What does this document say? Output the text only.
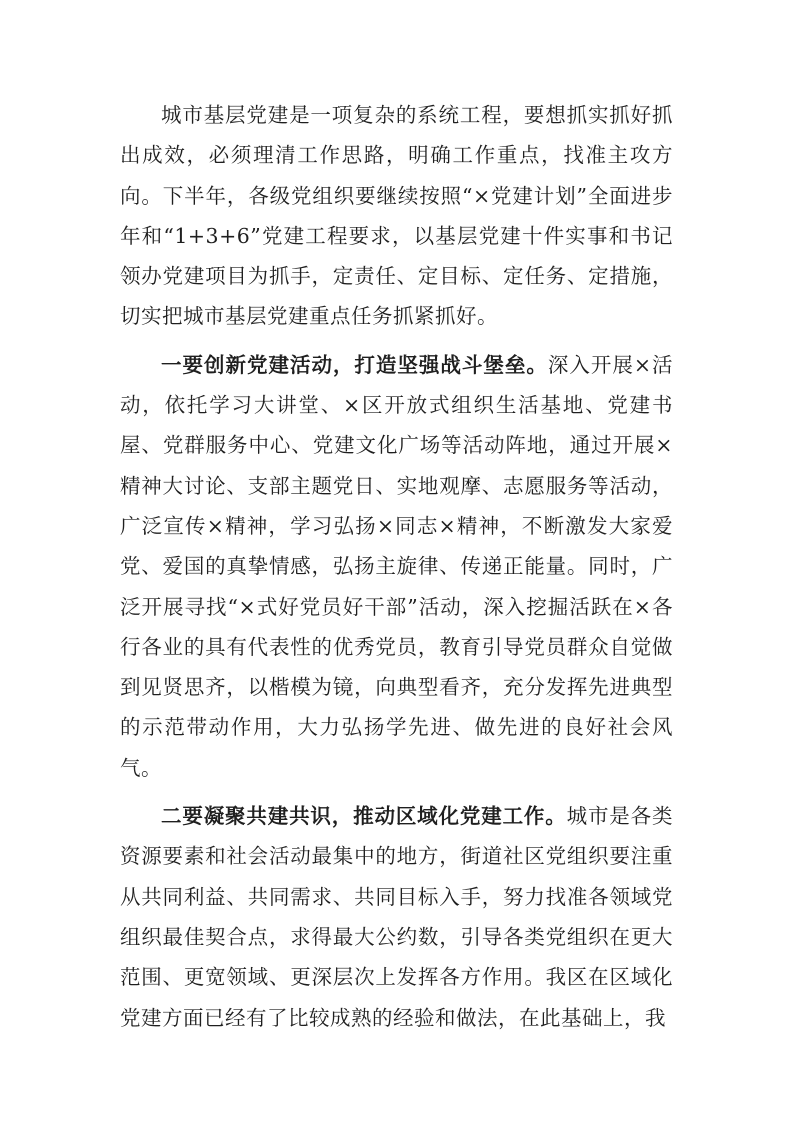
城市基层党建是一项复杂的系统工程，要想抓实抓好抓出成效，必须理清工作思路，明确工作重点，找准主攻方向。下半年，各级党组织要继续按照“×党建计划”全面进步年和“1+3+6”党建工程要求，以基层党建十件实事和书记领办党建项目为抓手，定责任、定目标、定任务、定措施，切实把城市基层党建重点任务抓紧抓好。

一要创新党建活动，打造坚强战斗堡垒。深入开展×活动，依托学习大讲堂、×区开放式组织生活基地、党建书屋、党群服务中心、党建文化广场等活动阵地，通过开展×精神大讨论、支部主题党日、实地观摩、志愿服务等活动，广泛宣传×精神，学习弘扬×同志×精神，不断激发大家爱党、爱国的真挚情感，弘扬主旋律、传递正能量。同时，广泛开展寻找“×式好党员好干部”活动，深入挖掘活跃在×各行各业的具有代表性的优秀党员，教育引导党员群众自觉做到见贤思齐，以楷模为镜，向典型看齐，充分发挥先进典型的示范带动作用，大力弘扬学先进、做先进的良好社会风气。

二要凝聚共建共识，推动区域化党建工作。城市是各类资源要素和社会活动最集中的地方，街道社区党组织要注重从共同利益、共同需求、共同目标入手，努力找准各领域党组织最佳契合点，求得最大公约数，引导各类党组织在更大范围、更宽领域、更深层次上发挥各方作用。我区在区域化党建方面已经有了比较成熟的经验和做法，在此基础上，我
